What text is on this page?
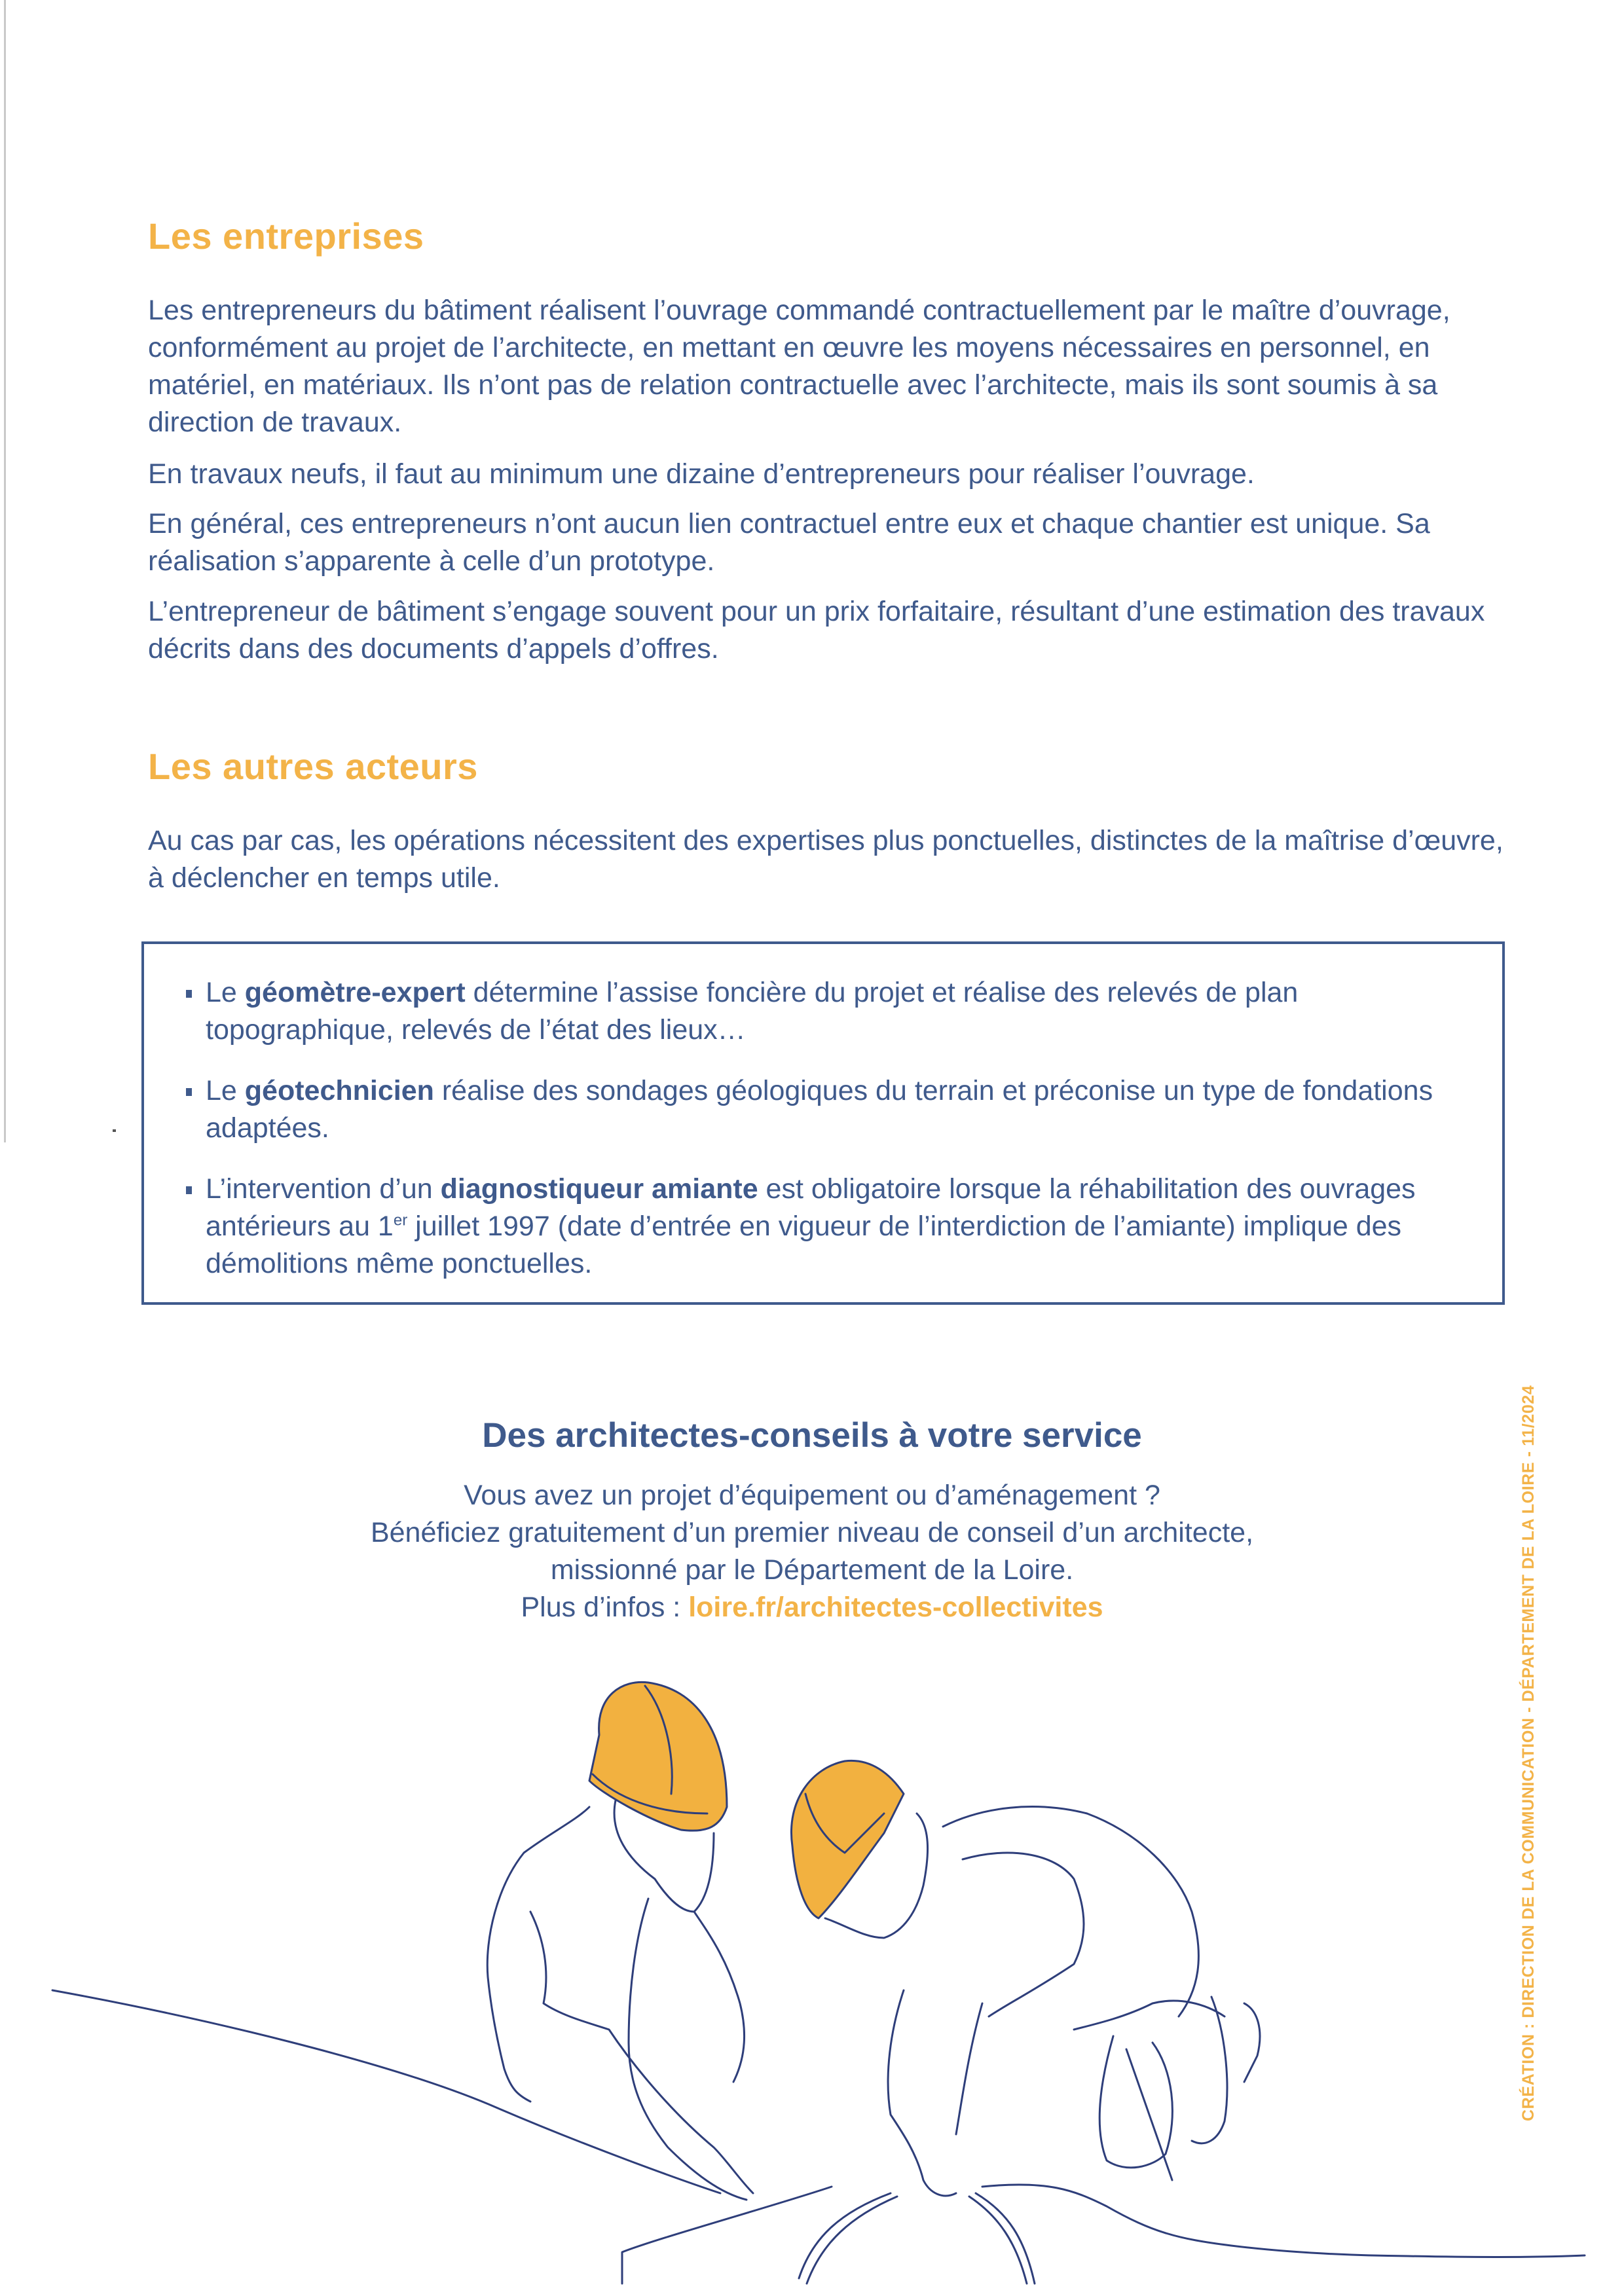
Les entreprises

Les entrepreneurs du bâtiment réalisent l’ouvrage commandé contractuellement par le maître d’ouvrage, conformément au projet de l’architecte, en mettant en œuvre les moyens nécessaires en personnel, en matériel, en matériaux. Ils n’ont pas de relation contractuelle avec l’architecte, mais ils sont soumis à sa direction de travaux.

En travaux neufs, il faut au minimum une dizaine d’entrepreneurs pour réaliser l’ouvrage.

En général, ces entrepreneurs n’ont aucun lien contractuel entre eux et chaque chantier est unique. Sa réalisation s’apparente à celle d’un prototype.

L’entrepreneur de bâtiment s’engage souvent pour un prix forfaitaire, résultant d’une estimation des travaux décrits dans des documents d’appels d’offres.

Les autres acteurs

Au cas par cas, les opérations nécessitent des expertises plus ponctuelles, distinctes de la maîtrise d’œuvre, à déclencher en temps utile.

Le géomètre-expert détermine l’assise foncière du projet et réalise des relevés de plan topographique, relevés de l’état des lieux…
Le géotechnicien réalise des sondages géologiques du terrain et préconise un type de fondations adaptées.
L’intervention d’un diagnostiqueur amiante est obligatoire lorsque la réhabilitation des ouvrages antérieurs au 1er juillet 1997 (date d’entrée en vigueur de l’interdiction de l’amiante) implique des démolitions même ponctuelles.
Des architectes-conseils à votre service
Vous avez un projet d’équipement ou d’aménagement ?
Bénéficiez gratuitement d’un premier niveau de conseil d’un architecte,
missionné par le Département de la Loire.
Plus d’infos : loire.fr/architectes-collectivites	CRÉATION : DIRECTION DE LA COMMUNICATION - DÉPARTEMENT DE LA LOIRE - 11/2024
